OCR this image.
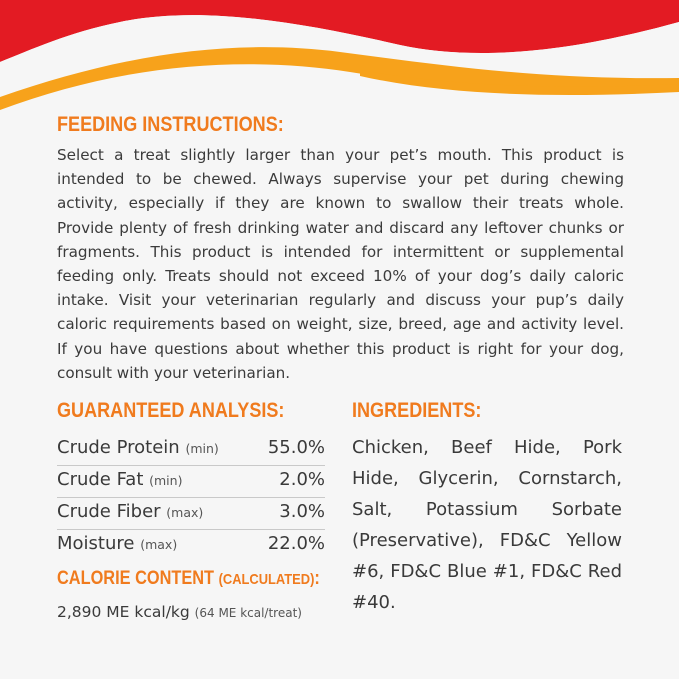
FEEDING INSTRUCTIONS:
Select a treat slightly larger than your pet’s mouth. This product is intended to be chewed. Always supervise your pet during chewing activity, especially if they are known to swallow their treats whole. Provide plenty of fresh drinking water and discard any leftover chunks or fragments. This product is intended for intermittent or supplemental feeding only. Treats should not exceed 10% of your dog’s daily caloric intake. Visit your veterinarian regularly and discuss your pup’s daily caloric requirements based on weight, size, breed, age and activity level. If you have questions about whether this product is right for your dog, consult with your veterinarian.
GUARANTEED ANALYSIS:
Crude Protein (min)	55.0%
Crude Fat (min)	2.0%
Crude Fiber (max)	3.0%
Moisture (max)	22.0%
CALORIE CONTENT (CALCULATED):
2,890 ME kcal/kg (64 ME kcal/treat)
INGREDIENTS:
Chicken, Beef Hide, Pork Hide, Glycerin, Cornstarch, Salt, Potassium Sorbate (Preservative), FD&C Yellow #6, FD&C Blue #1, FD&C Red #40.
